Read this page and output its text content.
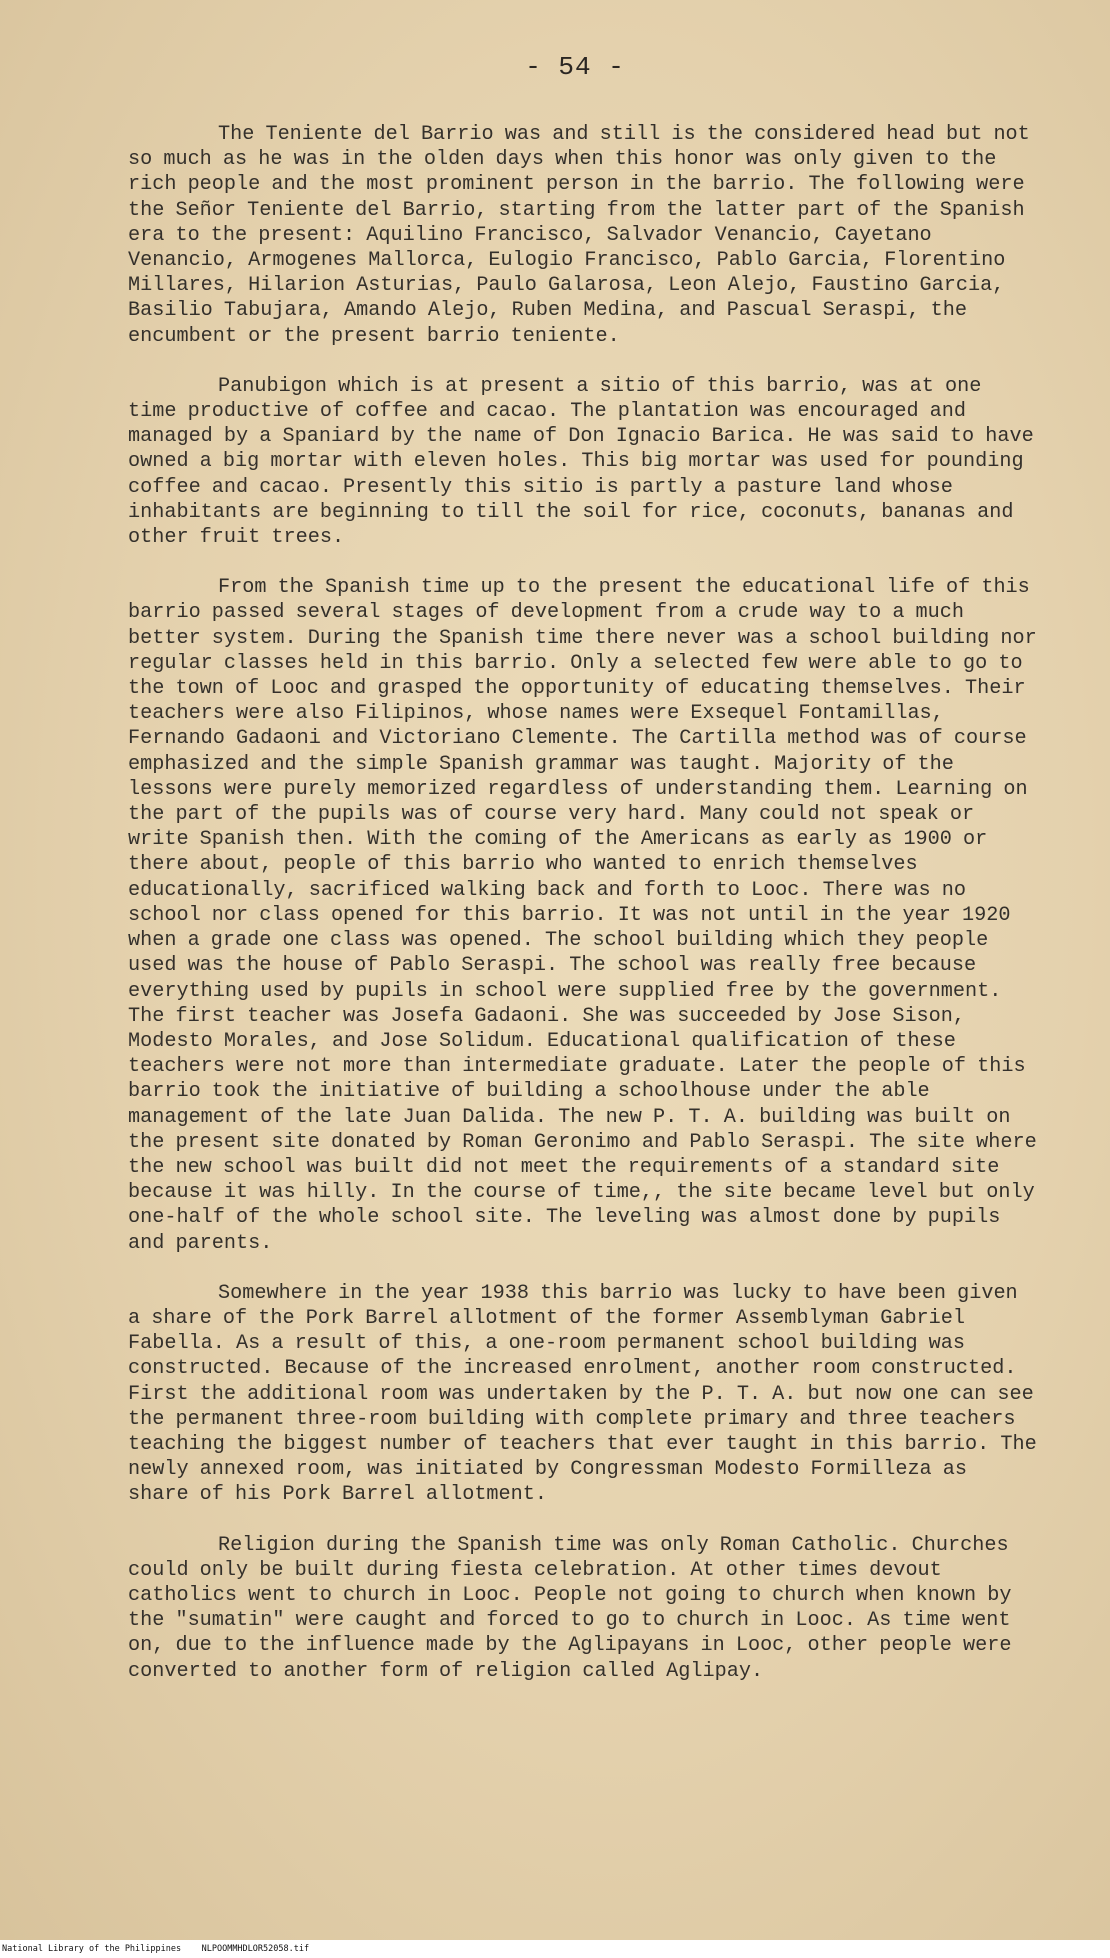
- 54 -

The Teniente del Barrio was and still is the considered head but not so much as he was in the olden days when this honor was only given to the rich people and the most prominent person in the barrio. The following were the Señor Teniente del Barrio, starting from the latter part of the Spanish era to the present: Aquilino Francisco, Salvador Venancio, Cayetano Venancio, Armogenes Mallorca, Eulogio Francisco, Pablo Garcia, Florentino Millares, Hilarion Asturias, Paulo Galarosa, Leon Alejo, Faustino Garcia, Basilio Tabujara, Amando Alejo, Ruben Medina, and Pascual Seraspi, the encumbent or the present barrio teniente.

Panubigon which is at present a sitio of this barrio, was at one time productive of coffee and cacao. The plantation was encouraged and managed by a Spaniard by the name of Don Ignacio Barica. He was said to have owned a big mortar with eleven holes. This big mortar was used for pounding coffee and cacao. Presently this sitio is partly a pasture land whose inhabitants are beginning to till the soil for rice, coconuts, bananas and other fruit trees.

From the Spanish time up to the present the educational life of this barrio passed several stages of development from a crude way to a much better system. During the Spanish time there never was a school building nor regular classes held in this barrio. Only a selected few were able to go to the town of Looc and grasped the opportunity of educating themselves. Their teachers were also Filipinos, whose names were Exsequel Fontamillas, Fernando Gadaoni and Victoriano Clemente. The Cartilla method was of course emphasized and the simple Spanish grammar was taught. Majority of the lessons were purely memorized regardless of understanding them. Learning on the part of the pupils was of course very hard. Many could not speak or write Spanish then. With the coming of the Americans as early as 1900 or there about, people of this barrio who wanted to enrich themselves educationally, sacrificed walking back and forth to Looc. There was no school nor class opened for this barrio. It was not until in the year 1920 when a grade one class was opened. The school building which they people used was the house of Pablo Seraspi. The school was really free because everything used by pupils in school were supplied free by the government. The first teacher was Josefa Gadaoni. She was succeeded by Jose Sison, Modesto Morales, and Jose Solidum. Educational qualification of these teachers were not more than intermediate graduate. Later the people of this barrio took the initiative of building a schoolhouse under the able management of the late Juan Dalida. The new P. T. A. building was built on the present site donated by Roman Geronimo and Pablo Seraspi. The site where the new school was built did not meet the requirements of a standard site because it was hilly. In the course of time,, the site became level but only one-half of the whole school site. The leveling was almost done by pupils and parents.

Somewhere in the year 1938 this barrio was lucky to have been given a share of the Pork Barrel allotment of the former Assemblyman Gabriel Fabella. As a result of this, a one-room permanent school building was constructed. Because of the increased enrolment, another room constructed. First the additional room was undertaken by the P. T. A. but now one can see the permanent three-room building with complete primary and three teachers teaching the biggest number of teachers that ever taught in this barrio. The newly annexed room, was initiated by Congressman Modesto Formilleza as share of his Pork Barrel allotment.

Religion during the Spanish time was only Roman Catholic. Churches could only be built during fiesta celebration. At other times devout catholics went to church in Looc. People not going to church when known by the "sumatin" were caught and forced to go to church in Looc. As time went on, due to the influence made by the Aglipayans in Looc, other people were converted to another form of religion called Aglipay.

National Library of the Philippines NLPOOMMHDLOR52058.tif
